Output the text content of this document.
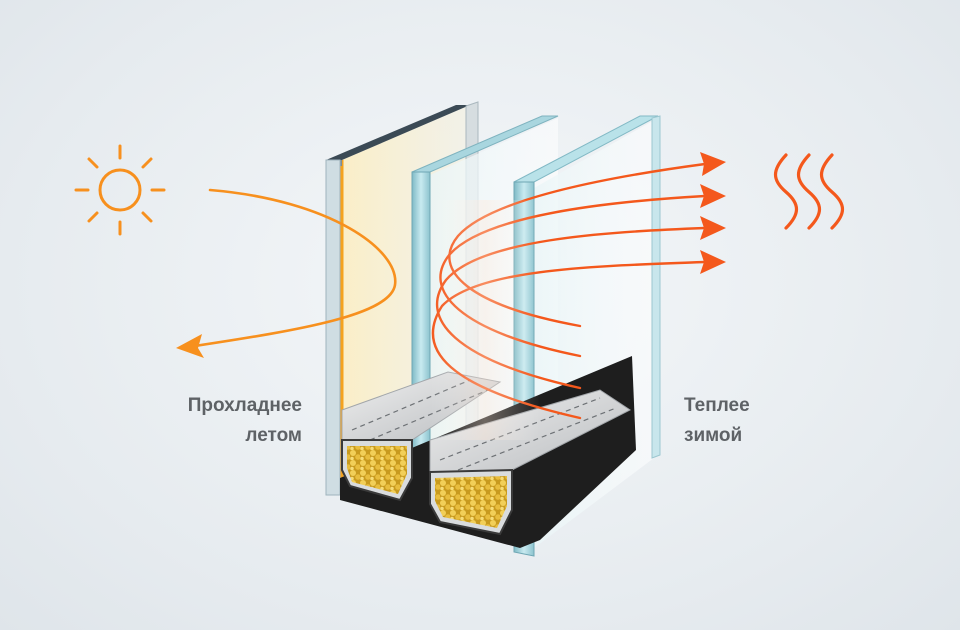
Прохладнее
летом
Теплее
зимой
